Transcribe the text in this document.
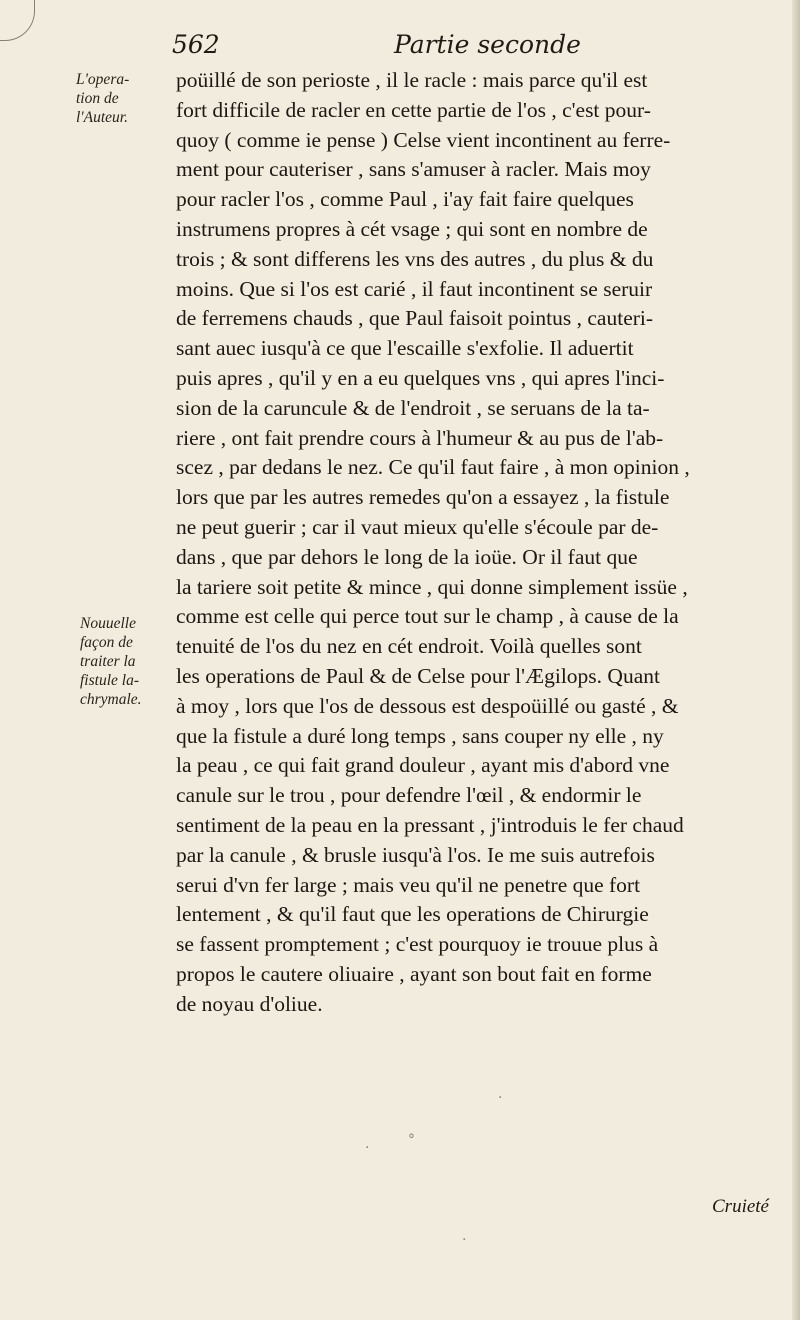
562	Partie seconde
L'opera-
tion de
l'Auteur.
Nouuelle
façon de
traiter la
fistule la-
chrymale.
poüillé de son perioste , il le racle : mais parce qu'il est
fort difficile de racler en cette partie de l'os , c'est pour-
quoy ( comme ie pense ) Celse vient incontinent au ferre-
ment pour cauteriser , sans s'amuser à racler. Mais moy
pour racler l'os , comme Paul , i'ay fait faire quelques
instrumens propres à cét vsage ; qui sont en nombre de
trois ; & sont differens les vns des autres , du plus & du
moins. Que si l'os est carié , il faut incontinent se seruir
de ferremens chauds , que Paul faisoit pointus , cauteri-
sant auec iusqu'à ce que l'escaille s'exfolie. Il aduertit
puis apres , qu'il y en a eu quelques vns , qui apres l'inci-
sion de la caruncule & de l'endroit , se seruans de la ta-
riere , ont fait prendre cours à l'humeur & au pus de l'ab-
scez , par dedans le nez. Ce qu'il faut faire , à mon opinion ,
lors que par les autres remedes qu'on a essayez , la fistule
ne peut guerir ; car il vaut mieux qu'elle s'écoule par de-
dans , que par dehors le long de la ioüe. Or il faut que
la tariere soit petite & mince , qui donne simplement issüe ,
comme est celle qui perce tout sur le champ , à cause de la
tenuité de l'os du nez en cét endroit. Voilà quelles sont
les operations de Paul & de Celse pour l'Ægilops. Quant
à moy , lors que l'os de dessous est despoüillé ou gasté , &
que la fistule a duré long temps , sans couper ny elle , ny
la peau , ce qui fait grand douleur , ayant mis d'abord vne
canule sur le trou , pour defendre l'œil , & endormir le
sentiment de la peau en la pressant , j'introduis le fer chaud
par la canule , & brusle iusqu'à l'os. Ie me suis autrefois
serui d'vn fer large ; mais veu qu'il ne penetre que fort
lentement , & qu'il faut que les operations de Chirurgie
se fassent promptement ; c'est pourquoy ie trouue plus à
propos le cautere oliuaire , ayant son bout fait en forme
de noyau d'oliue.
·	°
·
·
Cruieté
